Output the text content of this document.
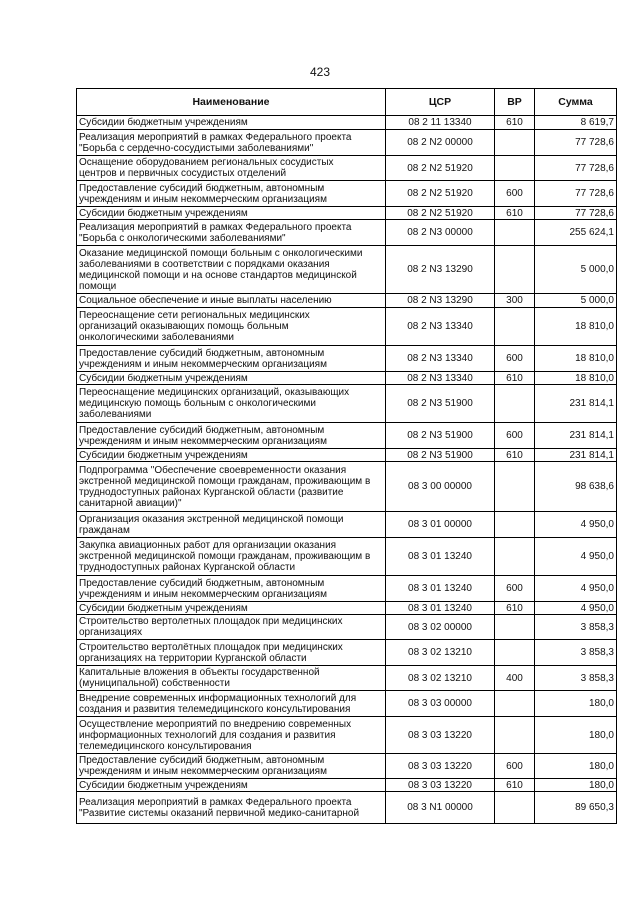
423
Наименование	ЦСР	ВР	Сумма
Субсидии бюджетным учреждениям	08 2 11 13340	610	8 619,7
Реализация мероприятий в рамках Федерального проекта
"Борьба с сердечно-сосудистыми заболеваниями"	08 2 N2 00000		77 728,6
Оснащение оборудованием региональных сосудистых
центров и первичных сосудистых отделений	08 2 N2 51920		77 728,6
Предоставление субсидий бюджетным, автономным
учреждениям и иным некоммерческим организациям	08 2 N2 51920	600	77 728,6
Субсидии бюджетным учреждениям	08 2 N2 51920	610	77 728,6
Реализация мероприятий в рамках Федерального проекта
"Борьба с онкологическими заболеваниями"	08 2 N3 00000		255 624,1
Оказание медицинской помощи больным с онкологическими
заболеваниями в соответствии с порядками оказания
медицинской помощи и на основе стандартов медицинской
помощи	08 2 N3 13290		5 000,0
Социальное обеспечение и иные выплаты населению	08 2 N3 13290	300	5 000,0
Переоснащение сети региональных медицинских
организаций оказывающих помощь больным
онкологическими заболеваниями	08 2 N3 13340		18 810,0
Предоставление субсидий бюджетным, автономным
учреждениям и иным некоммерческим организациям	08 2 N3 13340	600	18 810,0
Субсидии бюджетным учреждениям	08 2 N3 13340	610	18 810,0
Переоснащение медицинских организаций, оказывающих
медицинскую помощь больным с онкологическими
заболеваниями	08 2 N3 51900		231 814,1
Предоставление субсидий бюджетным, автономным
учреждениям и иным некоммерческим организациям	08 2 N3 51900	600	231 814,1
Субсидии бюджетным учреждениям	08 2 N3 51900	610	231 814,1
Подпрограмма "Обеспечение своевременности оказания
экстренной медицинской помощи гражданам, проживающим в
труднодоступных районах Курганской области (развитие
санитарной авиации)"	08 3 00 00000		98 638,6
Организация оказания экстренной медицинской помощи
гражданам	08 3 01 00000		4 950,0
Закупка авиационных работ для организации оказания
экстренной медицинской помощи гражданам, проживающим в
труднодоступных районах Курганской области	08 3 01 13240		4 950,0
Предоставление субсидий бюджетным, автономным
учреждениям и иным некоммерческим организациям	08 3 01 13240	600	4 950,0
Субсидии бюджетным учреждениям	08 3 01 13240	610	4 950,0
Строительство вертолетных площадок при медицинских
организациях	08 3 02 00000		3 858,3
Строительство вертолётных площадок при медицинских
организациях на территории Курганской области	08 3 02 13210		3 858,3
Капитальные вложения в объекты государственной
(муниципальной) собственности	08 3 02 13210	400	3 858,3
Внедрение современных информационных технологий для
создания и развития телемедицинского консультирования	08 3 03 00000		180,0
Осуществление мероприятий по внедрению современных
информационных технологий для создания и развития
телемедицинского консультирования	08 3 03 13220		180,0
Предоставление субсидий бюджетным, автономным
учреждениям и иным некоммерческим организациям	08 3 03 13220	600	180,0
Субсидии бюджетным учреждениям	08 3 03 13220	610	180,0
Реализация мероприятий в рамках Федерального проекта
"Развитие системы оказаний первичной медико-санитарной	08 3 N1 00000		89 650,3
